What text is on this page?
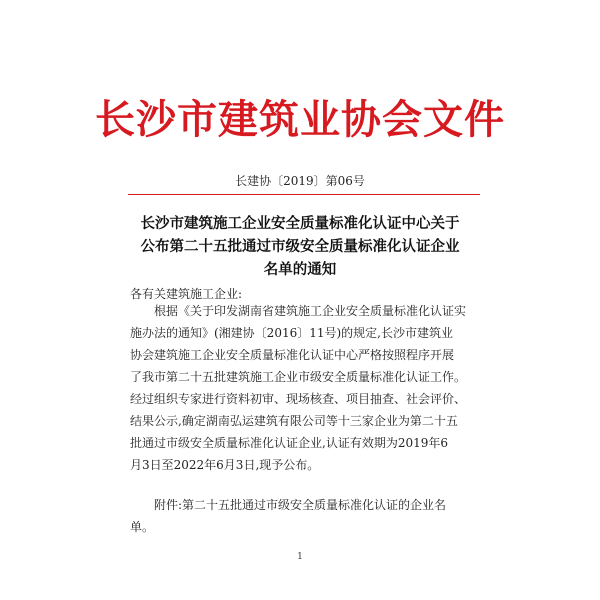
长沙市建筑业协会文件
长建协〔2019〕第06号
长沙市建筑施工企业安全质量标准化认证中心关于
公布第二十五批通过市级安全质量标准化认证企业
名单的通知
各有关建筑施工企业:
根据《关于印发湖南省建筑施工企业安全质量标准化认证实
施办法的通知》(湘建协〔2016〕11号)的规定,长沙市建筑业
协会建筑施工企业安全质量标准化认证中心严格按照程序开展
了我市第二十五批建筑施工企业市级安全质量标准化认证工作。
经过组织专家进行资料初审、现场核查、项目抽查、社会评价、
结果公示,确定湖南弘运建筑有限公司等十三家企业为第二十五
批通过市级安全质量标准化认证企业,认证有效期为2019年6
月3日至2022年6月3日,现予公布。
附件:第二十五批通过市级安全质量标准化认证的企业名
单。
1
